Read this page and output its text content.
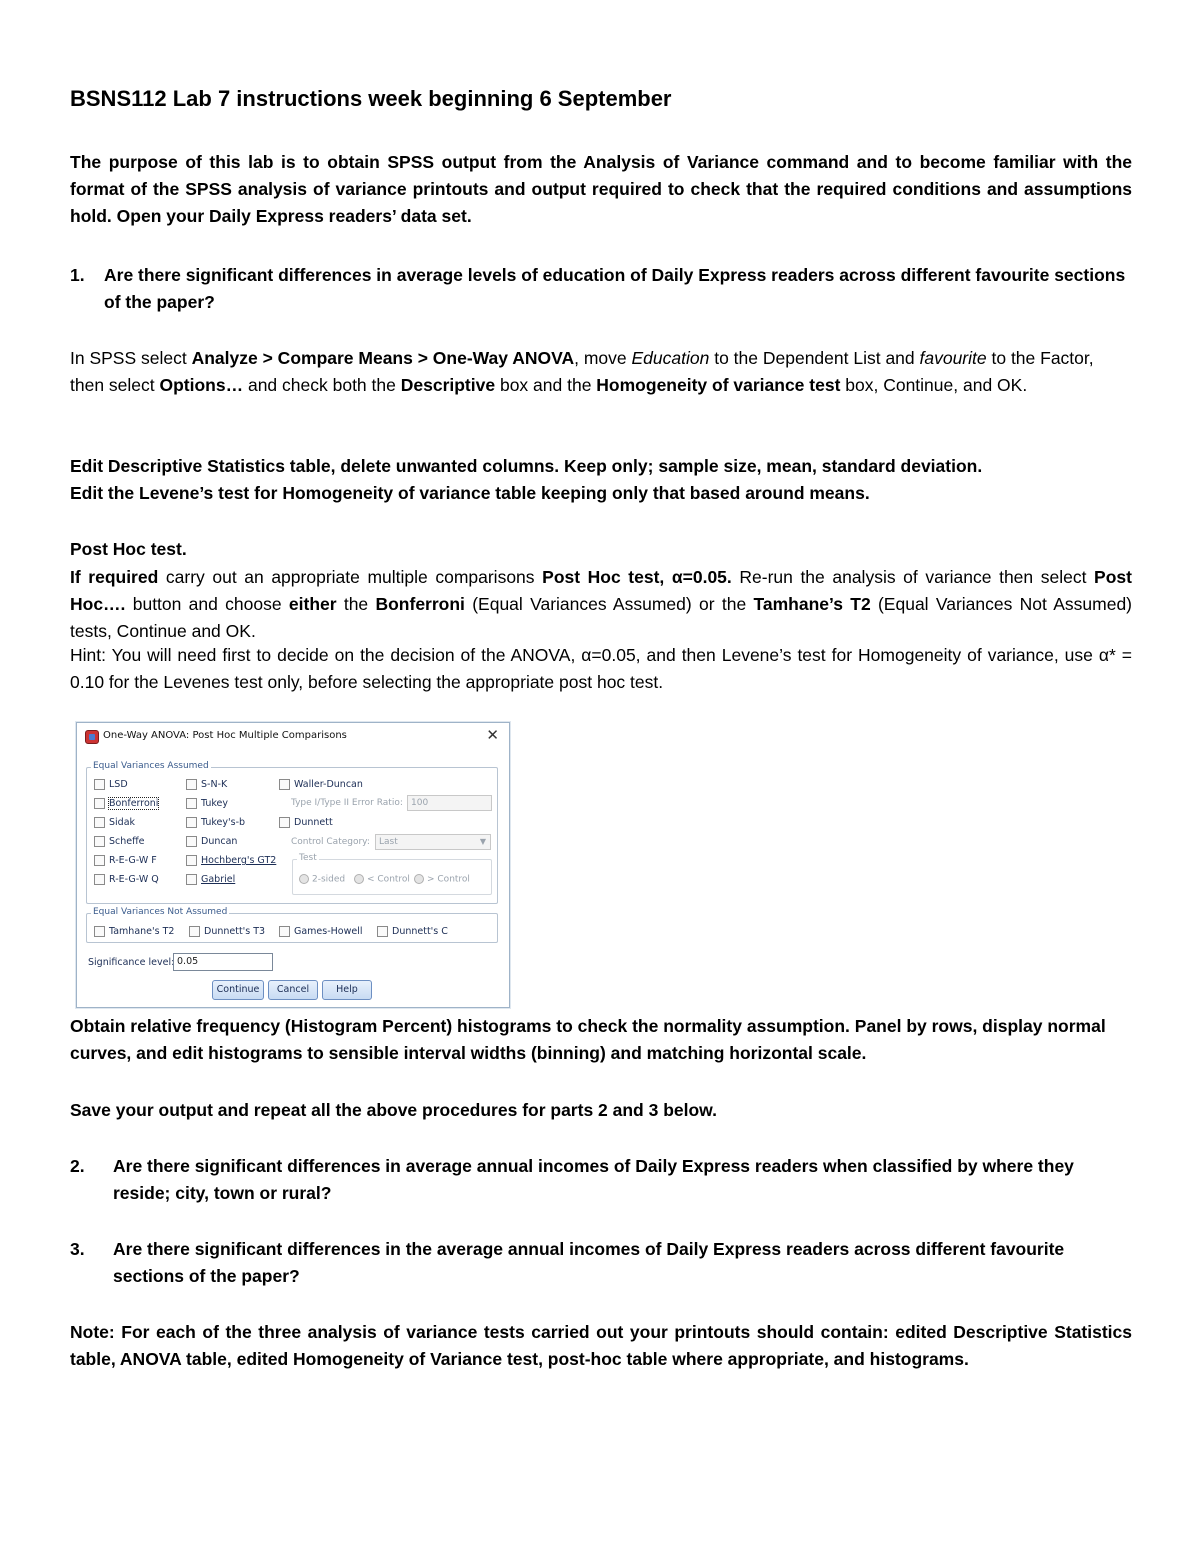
BSNS112 Lab 7 instructions week beginning 6 September
The purpose of this lab is to obtain SPSS output from the Analysis of Variance command and to become familiar with the format of the SPSS analysis of variance printouts and output required to check that the required conditions and assumptions hold. Open your Daily Express readers’ data set.
1. Are there significant differences in average levels of education of Daily Express readers across different favourite sections of the paper?
In SPSS select Analyze > Compare Means > One-Way ANOVA, move Education to the Dependent List and favourite to the Factor, then select Options… and check both the Descriptive box and the Homogeneity of variance test box, Continue, and OK.
Edit Descriptive Statistics table, delete unwanted columns. Keep only; sample size, mean, standard deviation.
Edit the Levene’s test for Homogeneity of variance table keeping only that based around means.
Post Hoc test.
If required carry out an appropriate multiple comparisons Post Hoc test, α=0.05. Re-run the analysis of variance then select Post Hoc…. button and choose either the Bonferroni (Equal Variances Assumed) or the Tamhane’s T2 (Equal Variances Not Assumed) tests, Continue and OK.
Hint: You will need first to decide on the decision of the ANOVA, α=0.05, and then Levene’s test for Homogeneity of variance, use α* = 0.10 for the Levenes test only, before selecting the appropriate post hoc test.
One-Way ANOVA: Post Hoc Multiple Comparisons	✕
Equal Variances Assumed
LSD
Bonferroni
Sidak
Scheffe
R-E-G-W F
R-E-G-W Q
S-N-K
Tukey
Tukey's-b
Duncan
Hochberg's GT2
Gabriel
Waller-Duncan
Type I/Type II Error Ratio: 100
Dunnett
Control Category:	Last	▼
Test
2-sided	< Control	> Control
Equal Variances Not Assumed
Tamhane's T2	Dunnett's T3	Games-Howell	Dunnett's C
Significance level: 0.05
Continue	Cancel	Help
Obtain relative frequency (Histogram Percent) histograms to check the normality assumption. Panel by rows, display normal curves, and edit histograms to sensible interval widths (binning) and matching horizontal scale.
Save your output and repeat all the above procedures for parts 2 and 3 below.
2. Are there significant differences in average annual incomes of Daily Express readers when classified by where they reside; city, town or rural?
3. Are there significant differences in the average annual incomes of Daily Express readers across different favourite sections of the paper?
Note: For each of the three analysis of variance tests carried out your printouts should contain: edited Descriptive Statistics table, ANOVA table, edited Homogeneity of Variance test, post-hoc table where appropriate, and histograms.
